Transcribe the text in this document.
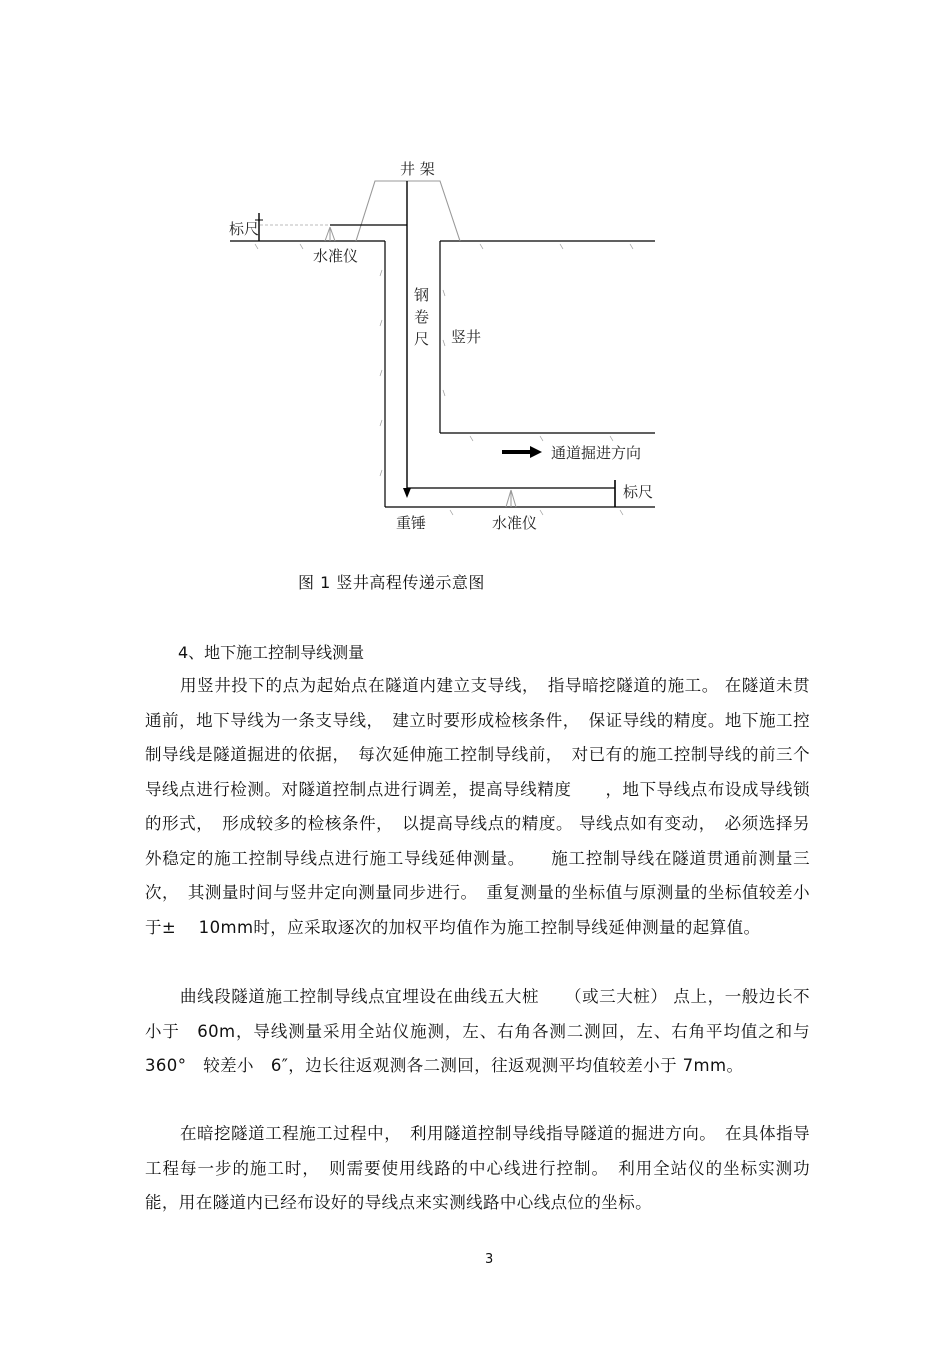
井 架
标尺
水准仪
钢
卷
尺 竖井
通道掘进方向
标尺
重锤	水准仪
图 1 竖井高程传递示意图
4、地下施工控制导线测量

用竖井投下的点为起始点在隧道内建立支导线，　指导暗挖隧道的施工。 在隧道未贯通前，地下导线为一条支导线，　建立时要形成检核条件，　保证导线的精度。地下施工控制导线是隧道掘进的依据，　每次延伸施工控制导线前，　对已有的施工控制导线的前三个导线点进行检测。对隧道控制点进行调差，提高导线精度　　，地下导线点布设成导线锁的形式，　形成较多的检核条件，　以提高导线点的精度。 导线点如有变动，　必须选择另外稳定的施工控制导线点进行施工导线延伸测量。　　施工控制导线在隧道贯通前测量三次，　其测量时间与竖井定向测量同步进行。　重复测量的坐标值与原测量的坐标值较差小于±　 10mm时，应采取逐次的加权平均值作为施工控制导线延伸测量的起算值。

曲线段隧道施工控制导线点宜埋设在曲线五大桩　　（或三大桩） 点上，一般边长不小于　60m，导线测量采用全站仪施测，左、右角各测二测回，左、右角平均值之和与　360°　较差小　6″，边长往返观测各二测回，往返观测平均值较差小于 7mm。

在暗挖隧道工程施工过程中，　利用隧道控制导线指导隧道的掘进方向。　在具体指导工程每一步的施工时，　则需要使用线路的中心线进行控制。　利用全站仪的坐标实测功能，用在隧道内已经布设好的导线点来实测线路中心线点位的坐标。

3
